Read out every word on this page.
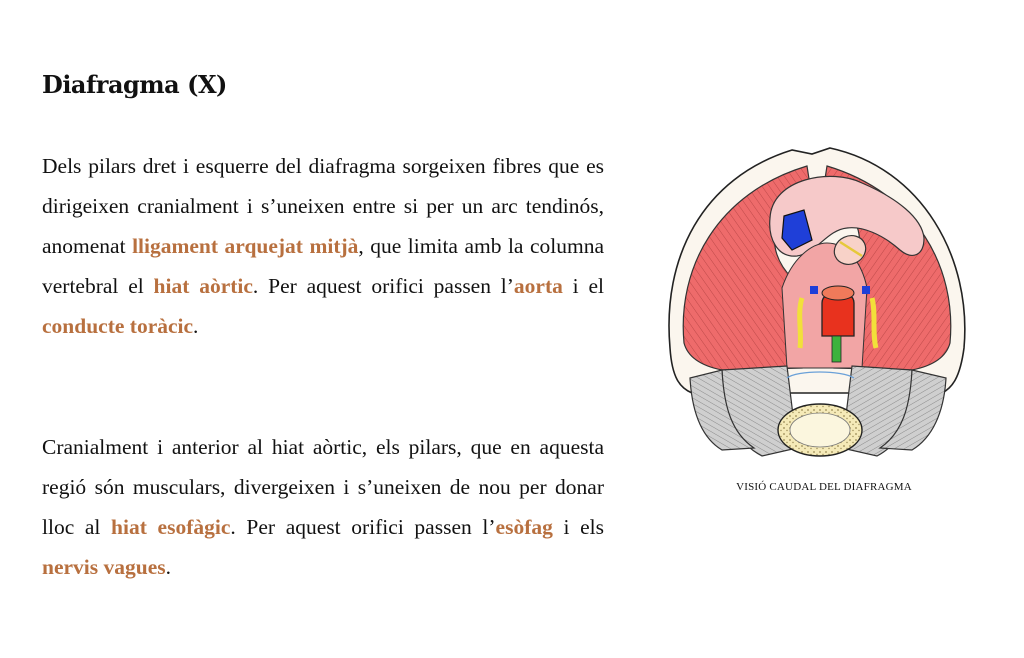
Diafragma (X)

Dels pilars dret i esquerre del diafragma sorgeixen fibres que es dirigeixen cranialment i s’uneixen entre si per un arc tendinós, anomenat lligament arquejat mitjà, que limita amb la columna vertebral el hiat aòrtic. Per aquest orifici passen l’aorta i el conducte toràcic.

Cranialment i anterior al hiat aòrtic, els pilars, que en aquesta regió són musculars, divergeixen i s’uneixen de nou per donar lloc al hiat esofàgic. Per aquest orifici passen l’esòfag i els nervis vagues.

VISIÓ CAUDAL DEL DIAFRAGMA
